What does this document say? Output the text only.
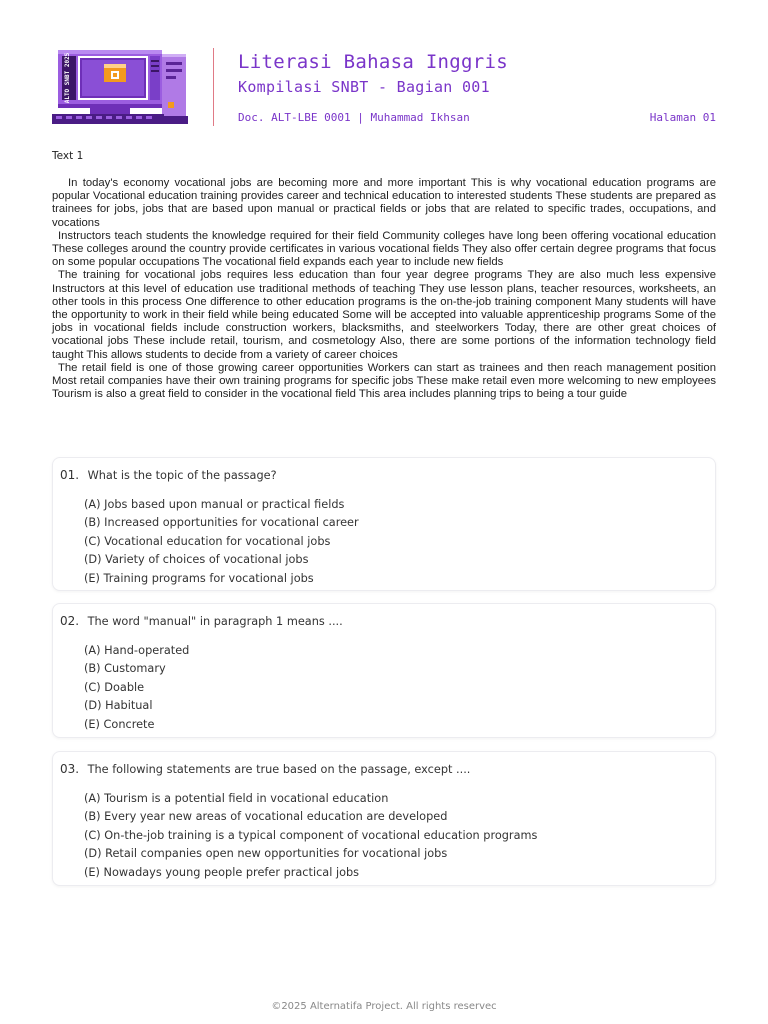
ALTO SNBT 2025	Literasi Bahasa Inggris
Kompilasi SNBT - Bagian 001
Doc. ALT-LBE 0001 | Muhammad Ikhsan	Halaman 01
Text 1

In today's economy vocational jobs are becoming more and more important This is why vocational education programs are popular Vocational education training provides career and technical education to interested students These students are prepared as trainees for jobs, jobs that are based upon manual or practical fields or jobs that are related to specific trades, occupations, and vocations

Instructors teach students the knowledge required for their field Community colleges have long been offering vocational education These colleges around the country provide certificates in various vocational fields They also offer certain degree programs that focus on some popular occupations The vocational field expands each year to include new fields

The training for vocational jobs requires less education than four year degree programs They are also much less expensive Instructors at this level of education use traditional methods of teaching They use lesson plans, teacher resources, worksheets, an other tools in this process One difference to other education programs is the on-the-job training component Many students will have the opportunity to work in their field while being educated Some will be accepted into valuable apprenticeship programs Some of the jobs in vocational fields include construction workers, blacksmiths, and steelworkers Today, there are other great choices of vocational jobs These include retail, tourism, and cosmetology Also, there are some portions of the information technology field taught This allows students to decide from a variety of career choices

The retail field is one of those growing career opportunities Workers can start as trainees and then reach management position Most retail companies have their own training programs for specific jobs These make retail even more welcoming to new employees Tourism is also a great field to consider in the vocational field This area includes planning trips to being a tour guide

01. What is the topic of the passage?
(A) Jobs based upon manual or practical fields
(B) Increased opportunities for vocational career
(C) Vocational education for vocational jobs
(D) Variety of choices of vocational jobs
(E) Training programs for vocational jobs
02. The word "manual" in paragraph 1 means ....
(A) Hand-operated
(B) Customary
(C) Doable
(D) Habitual
(E) Concrete
03. The following statements are true based on the passage, except ....
(A) Tourism is a potential field in vocational education
(B) Every year new areas of vocational education are developed
(C) On-the-job training is a typical component of vocational education programs
(D) Retail companies open new opportunities for vocational jobs
(E) Nowadays young people prefer practical jobs
©2025 Alternatifa Project. All rights reservec
